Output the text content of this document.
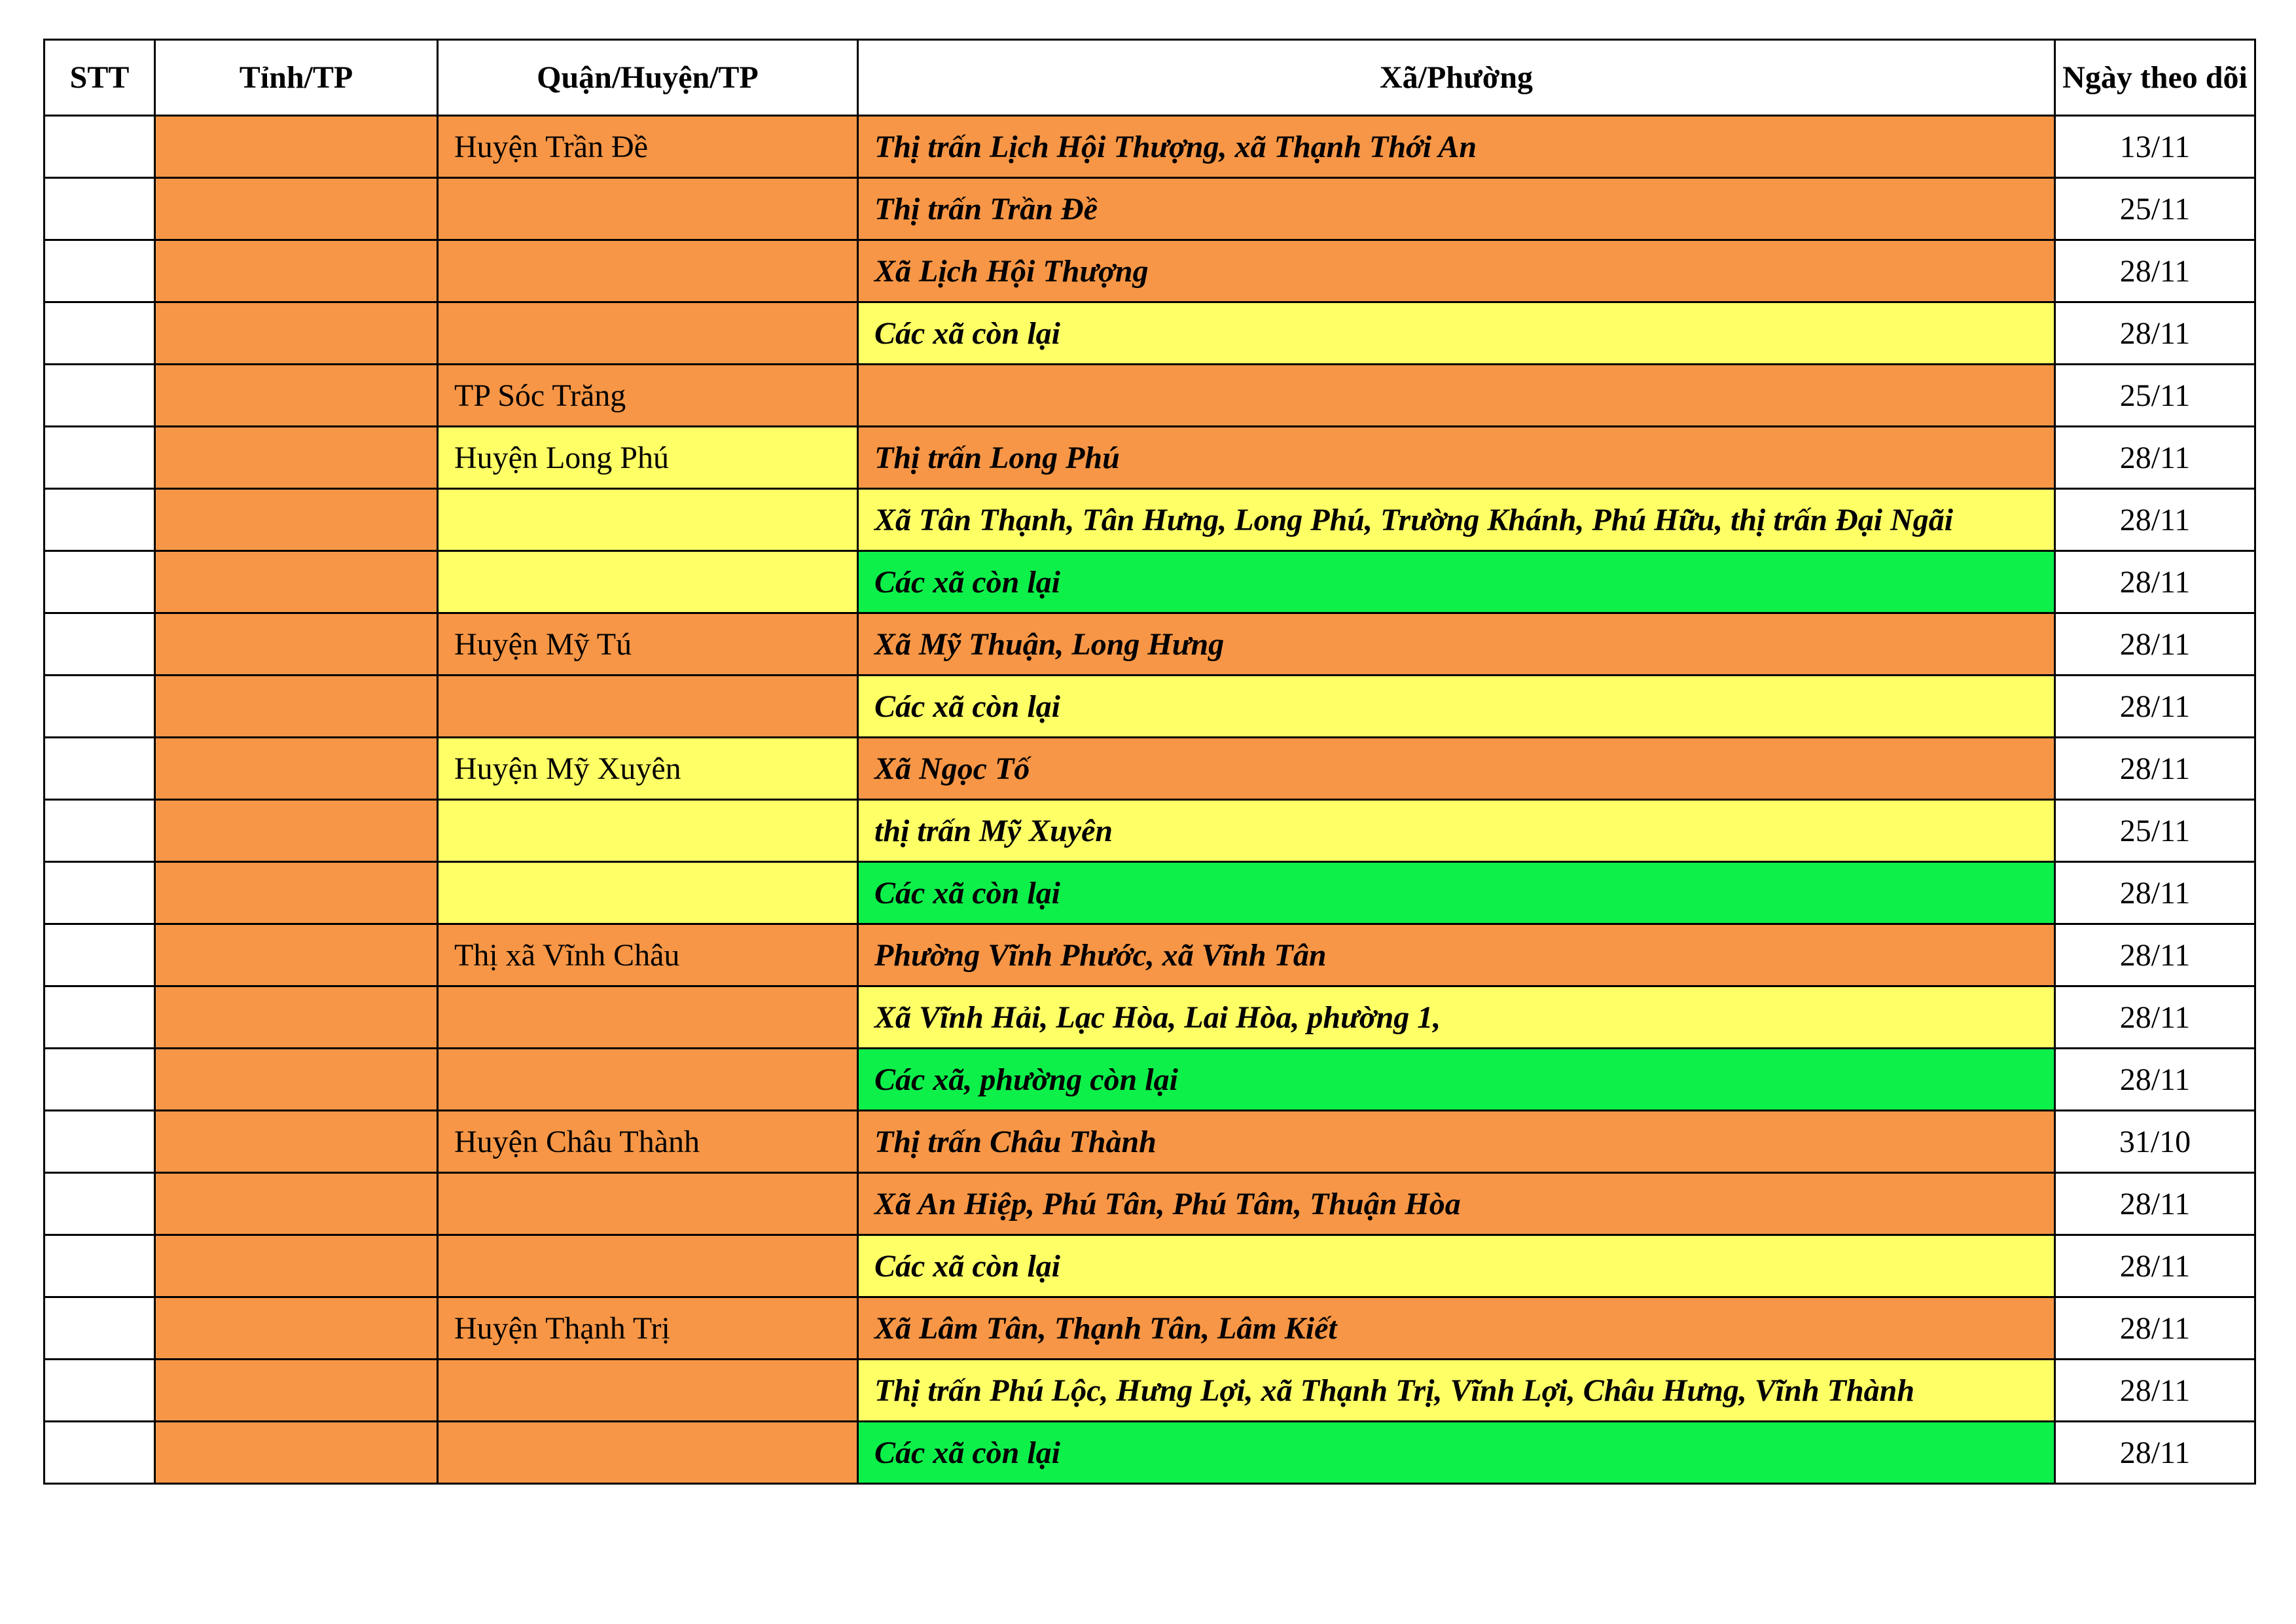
STT	Tỉnh/TP	Quận/Huyện/TP	Xã/Phường	Ngày theo dõi
		Huyện Trần Đề	Thị trấn Lịch Hội Thượng, xã Thạnh Thới An	13/11
			Thị trấn Trần Đề	25/11
			Xã Lịch Hội Thượng	28/11
			Các xã còn lại	28/11
		TP Sóc Trăng		25/11
		Huyện Long Phú	Thị trấn Long Phú	28/11
			Xã Tân Thạnh, Tân Hưng, Long Phú, Trường Khánh, Phú Hữu, thị trấn Đại Ngãi	28/11
			Các xã còn lại	28/11
		Huyện Mỹ Tú	Xã Mỹ Thuận, Long Hưng	28/11
			Các xã còn lại	28/11
		Huyện Mỹ Xuyên	Xã Ngọc Tố	28/11
			thị trấn Mỹ Xuyên	25/11
			Các xã còn lại	28/11
		Thị xã Vĩnh Châu	Phường Vĩnh Phước, xã Vĩnh Tân	28/11
			Xã Vĩnh Hải, Lạc Hòa, Lai Hòa, phường 1,	28/11
			Các xã, phường còn lại	28/11
		Huyện Châu Thành	Thị trấn Châu Thành	31/10
			Xã An Hiệp, Phú Tân, Phú Tâm, Thuận Hòa	28/11
			Các xã còn lại	28/11
		Huyện Thạnh Trị	Xã Lâm Tân, Thạnh Tân, Lâm Kiết	28/11
			Thị trấn Phú Lộc, Hưng Lợi, xã Thạnh Trị, Vĩnh Lợi, Châu Hưng, Vĩnh Thành	28/11
			Các xã còn lại	28/11
